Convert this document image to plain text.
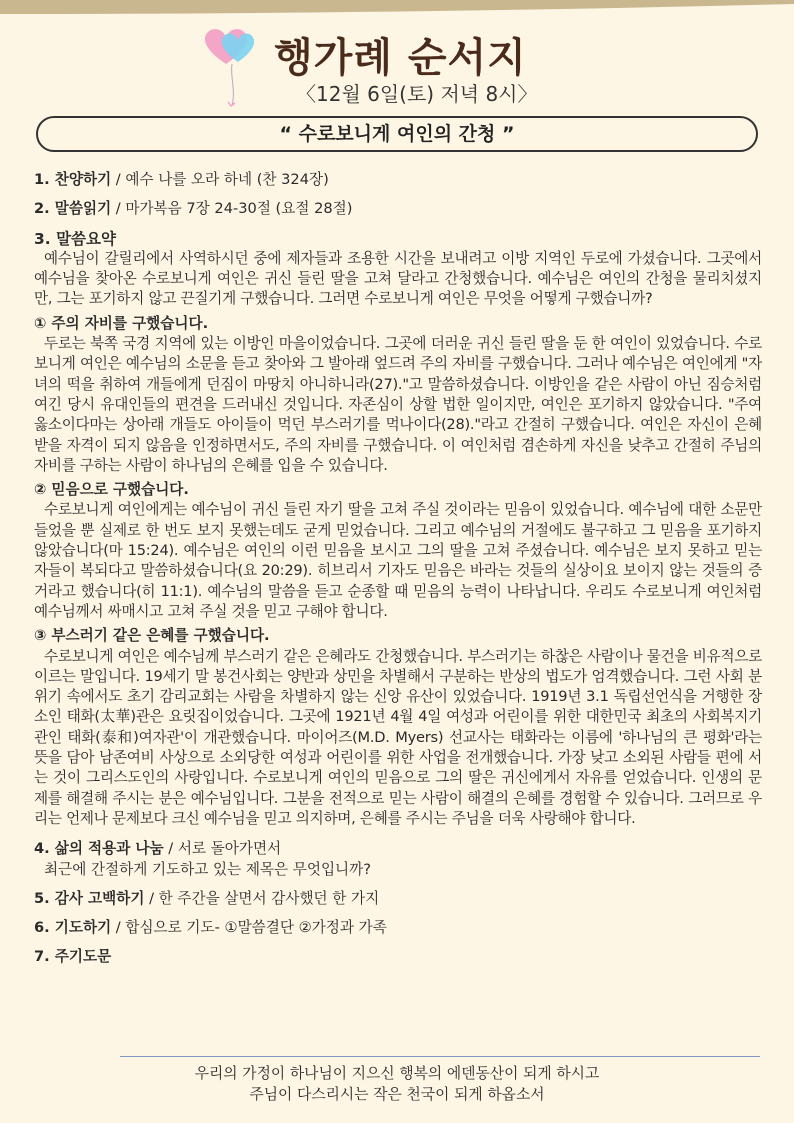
행가례 순서지
〈12월 6일(토) 저녁 8시〉
“ 수로보니게 여인의 간청 ”

1. 찬양하기 / 예수 나를 오라 하네 (찬 324장)

2. 말씀읽기 / 마가복음 7장 24-30절 (요절 28절)

3. 말씀요약

예수님이 갈릴리에서 사역하시던 중에 제자들과 조용한 시간을 보내려고 이방 지역인 두로에 가셨습니다. 그곳에서 예수님을 찾아온 수로보니게 여인은 귀신 들린 딸을 고쳐 달라고 간청했습니다. 예수님은 여인의 간청을 물리치셨지만, 그는 포기하지 않고 끈질기게 구했습니다. 그러면 수로보니게 여인은 무엇을 어떻게 구했습니까?

① 주의 자비를 구했습니다.

두로는 북쪽 국경 지역에 있는 이방인 마을이었습니다. 그곳에 더러운 귀신 들린 딸을 둔 한 여인이 있었습니다. 수로보니게 여인은 예수님의 소문을 듣고 찾아와 그 발아래 엎드려 주의 자비를 구했습니다. 그러나 예수님은 여인에게 "자녀의 떡을 취하여 개들에게 던짐이 마땅치 아니하니라(27)."고 말씀하셨습니다. 이방인을 같은 사람이 아닌 짐승처럼 여긴 당시 유대인들의 편견을 드러내신 것입니다. 자존심이 상할 법한 일이지만, 여인은 포기하지 않았습니다. "주여 옳소이다마는 상아래 개들도 아이들이 먹던 부스러기를 먹나이다(28)."라고 간절히 구했습니다. 여인은 자신이 은혜 받을 자격이 되지 않음을 인정하면서도, 주의 자비를 구했습니다. 이 여인처럼 겸손하게 자신을 낮추고 간절히 주님의 자비를 구하는 사람이 하나님의 은혜를 입을 수 있습니다.

② 믿음으로 구했습니다.

수로보니게 여인에게는 예수님이 귀신 들린 자기 딸을 고쳐 주실 것이라는 믿음이 있었습니다. 예수님에 대한 소문만 들었을 뿐 실제로 한 번도 보지 못했는데도 굳게 믿었습니다. 그리고 예수님의 거절에도 불구하고 그 믿음을 포기하지 않았습니다(마 15:24). 예수님은 여인의 이런 믿음을 보시고 그의 딸을 고쳐 주셨습니다. 예수님은 보지 못하고 믿는 자들이 복되다고 말씀하셨습니다(요 20:29). 히브리서 기자도 믿음은 바라는 것들의 실상이요 보이지 않는 것들의 증거라고 했습니다(히 11:1). 예수님의 말씀을 듣고 순종할 때 믿음의 능력이 나타납니다. 우리도 수로보니게 여인처럼 예수님께서 싸매시고 고쳐 주실 것을 믿고 구해야 합니다.

③ 부스러기 같은 은혜를 구했습니다.

수로보니게 여인은 예수님께 부스러기 같은 은혜라도 간청했습니다. 부스러기는 하찮은 사람이나 물건을 비유적으로 이르는 말입니다. 19세기 말 봉건사회는 양반과 상민을 차별해서 구분하는 반상의 법도가 엄격했습니다. 그런 사회 분위기 속에서도 초기 감리교회는 사람을 차별하지 않는 신앙 유산이 있었습니다. 1919년 3.1 독립선언식을 거행한 장소인 태화(太華)관은 요릿집이었습니다. 그곳에 1921년 4월 4일 여성과 어린이를 위한 대한민국 최초의 사회복지기관인 태화(泰和)여자관'이 개관했습니다. 마이어즈(M.D. Myers) 선교사는 태화라는 이름에 '하나님의 큰 평화'라는 뜻을 담아 남존여비 사상으로 소외당한 여성과 어린이를 위한 사업을 전개했습니다. 가장 낮고 소외된 사람들 편에 서는 것이 그리스도인의 사랑입니다. 수로보니게 여인의 믿음으로 그의 딸은 귀신에게서 자유를 얻었습니다. 인생의 문제를 해결해 주시는 분은 예수님입니다. 그분을 전적으로 믿는 사람이 해결의 은혜를 경험할 수 있습니다. 그러므로 우리는 언제나 문제보다 크신 예수님을 믿고 의지하며, 은혜를 주시는 주님을 더욱 사랑해야 합니다.

4. 삶의 적용과 나눔 / 서로 돌아가면서

최근에 간절하게 기도하고 있는 제목은 무엇입니까?

5. 감사 고백하기 / 한 주간을 살면서 감사했던 한 가지

6. 기도하기 / 합심으로 기도- ①말씀결단 ②가정과 가족

7. 주기도문

우리의 가정이 하나님이 지으신 행복의 에덴동산이 되게 하시고
주님이 다스리시는 작은 천국이 되게 하옵소서
